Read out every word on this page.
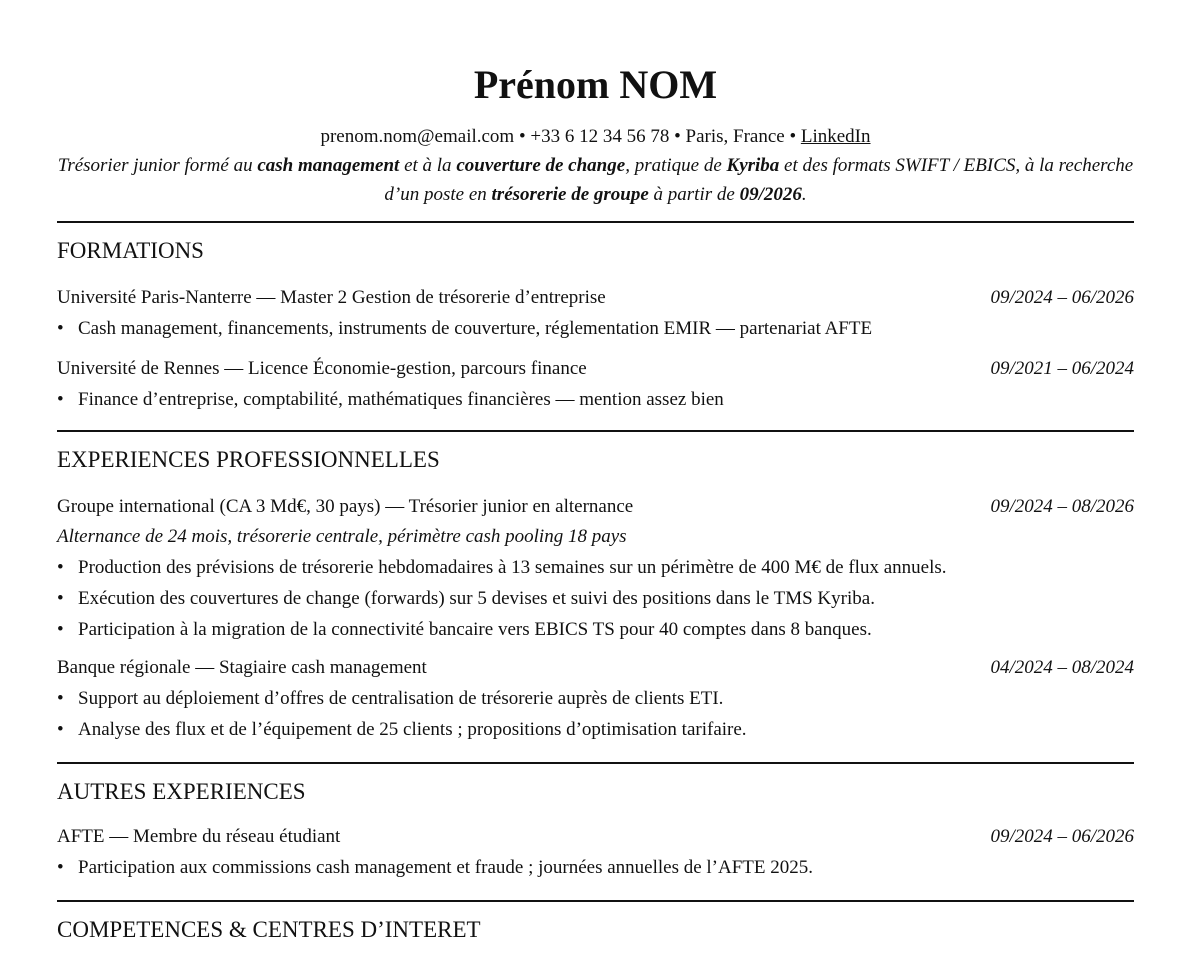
Prénom NOM
prenom.nom@email.com • +33 6 12 34 56 78 • Paris, France • LinkedIn
Trésorier junior formé au cash management et à la couverture de change, pratique de Kyriba et des formats SWIFT / EBICS, à la recherche d’un poste en trésorerie de groupe à partir de 09/2026.
FORMATIONS
Université Paris-Nanterre — Master 2 Gestion de trésorerie d’entreprise	09/2024 – 06/2026
• Cash management, financements, instruments de couverture, réglementation EMIR — partenariat AFTE
Université de Rennes — Licence Économie-gestion, parcours finance	09/2021 – 06/2024
• Finance d’entreprise, comptabilité, mathématiques financières — mention assez bien
EXPERIENCES PROFESSIONNELLES
Groupe international (CA 3 Md€, 30 pays) — Trésorier junior en alternance	09/2024 – 08/2026
Alternance de 24 mois, trésorerie centrale, périmètre cash pooling 18 pays
• Production des prévisions de trésorerie hebdomadaires à 13 semaines sur un périmètre de 400 M€ de flux annuels.
• Exécution des couvertures de change (forwards) sur 5 devises et suivi des positions dans le TMS Kyriba.
• Participation à la migration de la connectivité bancaire vers EBICS TS pour 40 comptes dans 8 banques.
Banque régionale — Stagiaire cash management	04/2024 – 08/2024
• Support au déploiement d’offres de centralisation de trésorerie auprès de clients ETI.
• Analyse des flux et de l’équipement de 25 clients ; propositions d’optimisation tarifaire.
AUTRES EXPERIENCES
AFTE — Membre du réseau étudiant	09/2024 – 06/2026
• Participation aux commissions cash management et fraude ; journées annuelles de l’AFTE 2025.
COMPETENCES & CENTRES D’INTERET
